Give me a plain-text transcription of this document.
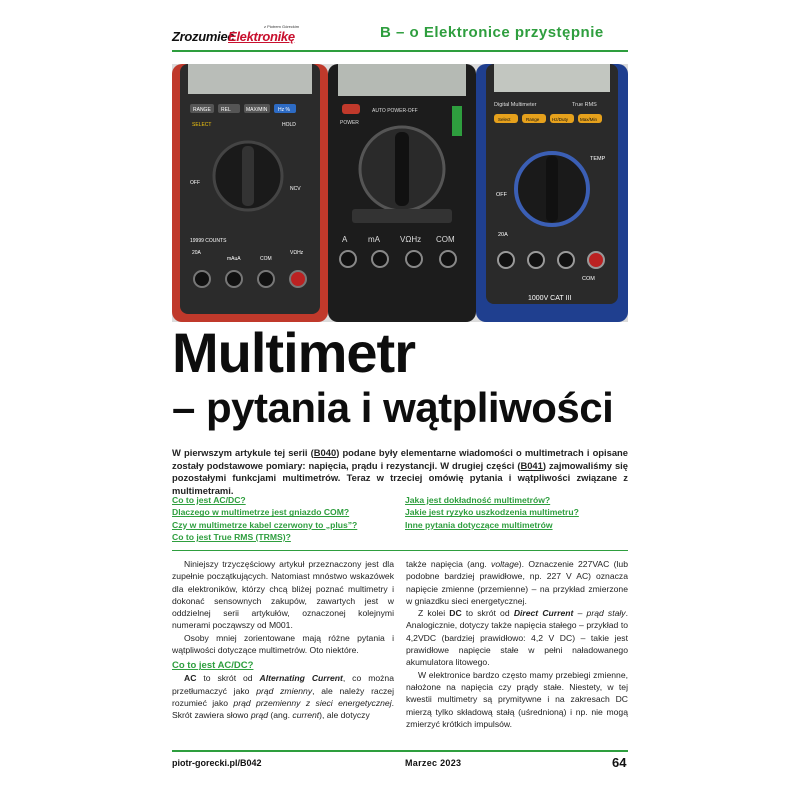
Zrozumieć
Elektronikę
z Piotrem Góreckim	B – o Elektronice przystępnie
RANGE REL	MAX/MIN Hz %
SELECT	HOLD
OFF
NCV
19999 COUNTS
20A
mAuA	COM
VΩHz
AUTO POWER-OFF
POWER
A	mA	VΩHz COM
Digital Multimeter	True RMS
Select	Range	Hz/Duty	Max/Min
OFF
TEMP
20A
COM
1000V CAT III
Multimetr
– pytania i wątpliwości
W pierwszym artykule tej serii (B040) podane były elementarne wiadomości o multimetrach i opisane zostały podstawowe pomiary: napięcia, prądu i rezystancji. W drugiej części (B041) zajmowaliśmy się pozostałymi funkcjami multimetrów. Teraz w trzeciej omówię pytania i wątpliwości związane z multimetrami.
Co to jest AC/DC?
Dlaczego w multimetrze jest gniazdo COM?
Czy w multimetrze kabel czerwony to „plus”?
Co to jest True RMS (TRMS)?
Jaka jest dokładność multimetrów?
Jakie jest ryzyko uszkodzenia multimetru?
Inne pytania dotyczące multimetrów

Niniejszy trzyczęściowy artykuł przeznaczony jest dla zupełnie początkujących. Natomiast mnóstwo wskazówek dla elektroników, którzy chcą bliżej poznać multimetry i dokonać sensownych zakupów, zawartych jest w oddzielnej serii artykułów, oznaczonej kolejnymi numerami począwszy od M001.

Osoby mniej zorientowane mają różne pytania i wątpliwości dotyczące multimetrów. Oto niektóre.

Co to jest AC/DC?

AC to skrót od Alternating Current, co można przetłumaczyć jako prąd zmienny, ale należy raczej rozumieć jako prąd przemienny z sieci energetycznej. Skrót zawiera słowo prąd (ang. current), ale dotyczy

także napięcia (ang. voltage). Oznaczenie 227VAC (lub podobne bardziej prawidłowe, np. 227 V AC) oznacza napięcie zmienne (przemienne) – na przykład zmierzone w gniazdku sieci energetycznej.

Z kolei DC to skrót od Direct Current – prąd stały. Analogicznie, dotyczy także napięcia stałego – przykład to 4,2VDC (bardziej prawidłowo: 4,2 V DC) – takie jest prawidłowe napięcie stałe w pełni naładowanego akumulatora litowego.

W elektronice bardzo często mamy przebiegi zmienne, nałożone na napięcia czy prądy stałe. Niestety, w tej kwestii multimetry są prymitywne i na zakresach DC mierzą tylko składową stałą (uśrednioną) i np. nie mogą zmierzyć krótkich impulsów.

piotr-gorecki.pl/B042	Marzec 2023	64
